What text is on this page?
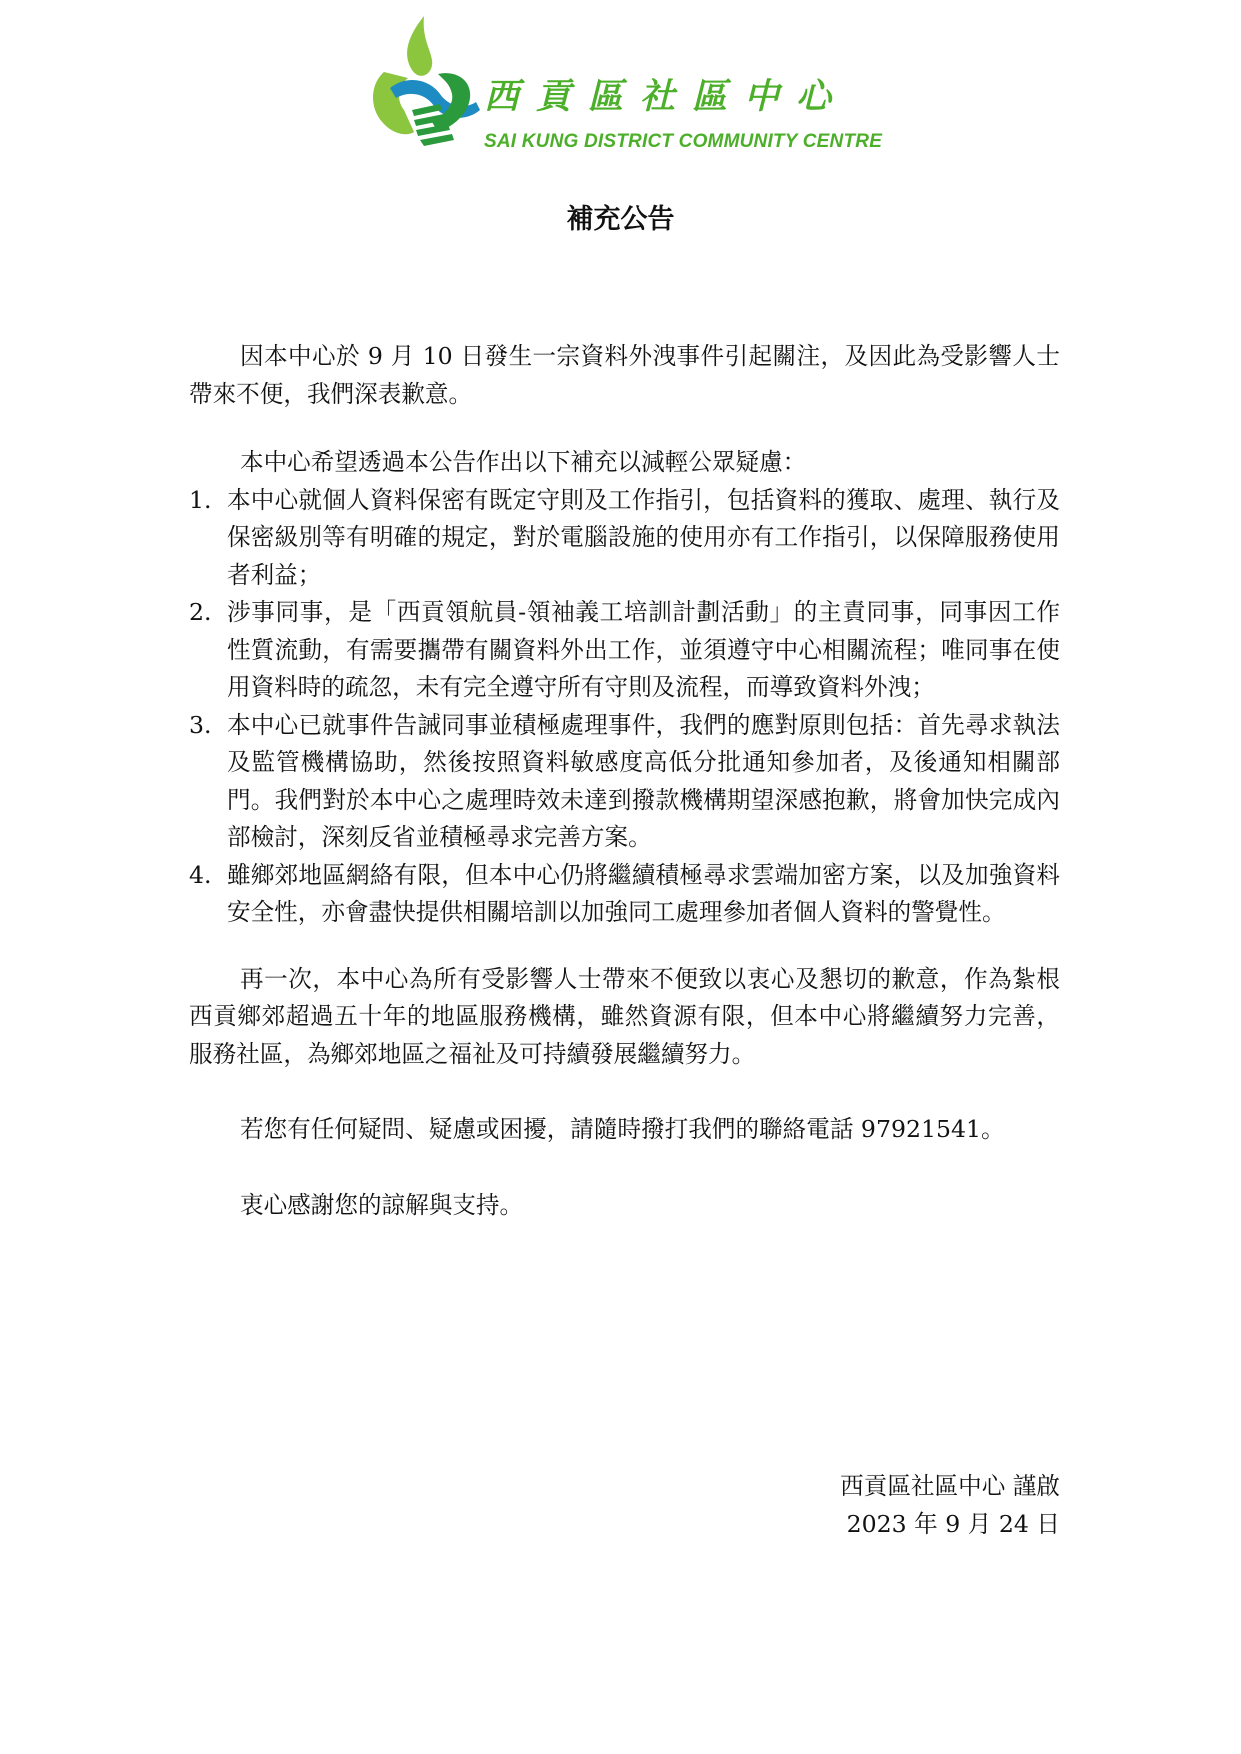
西貢區社區中心
SAI KUNG DISTRICT COMMUNITY CENTRE
補充公告

因本中心於 9 月 10 日發生一宗資料外洩事件引起關注，及因此為受影響人士帶來不便，我們深表歉意。

本中心希望透過本公告作出以下補充以減輕公眾疑慮：

1. 本中心就個人資料保密有既定守則及工作指引，包括資料的獲取、處理、執行及保密級別等有明確的規定，對於電腦設施的使用亦有工作指引，以保障服務使用者利益；
2. 涉事同事，是「西貢領航員-領袖義工培訓計劃活動」的主責同事，同事因工作性質流動，有需要攜帶有關資料外出工作，並須遵守中心相關流程；唯同事在使用資料時的疏忽，未有完全遵守所有守則及流程，而導致資料外洩；
3. 本中心已就事件告誡同事並積極處理事件，我們的應對原則包括：首先尋求執法及監管機構協助，然後按照資料敏感度高低分批通知參加者，及後通知相關部門。我們對於本中心之處理時效未達到撥款機構期望深感抱歉，將會加快完成內部檢討，深刻反省並積極尋求完善方案。
4. 雖鄉郊地區網絡有限，但本中心仍將繼續積極尋求雲端加密方案，以及加強資料安全性，亦會盡快提供相關培訓以加強同工處理參加者個人資料的警覺性。

再一次，本中心為所有受影響人士帶來不便致以衷心及懇切的歉意，作為紮根西貢鄉郊超過五十年的地區服務機構，雖然資源有限，但本中心將繼續努力完善，服務社區，為鄉郊地區之福祉及可持續發展繼續努力。

若您有任何疑問、疑慮或困擾，請隨時撥打我們的聯絡電話 97921541。

衷心感謝您的諒解與支持。

西貢區社區中心 謹啟
2023 年 9 月 24 日
